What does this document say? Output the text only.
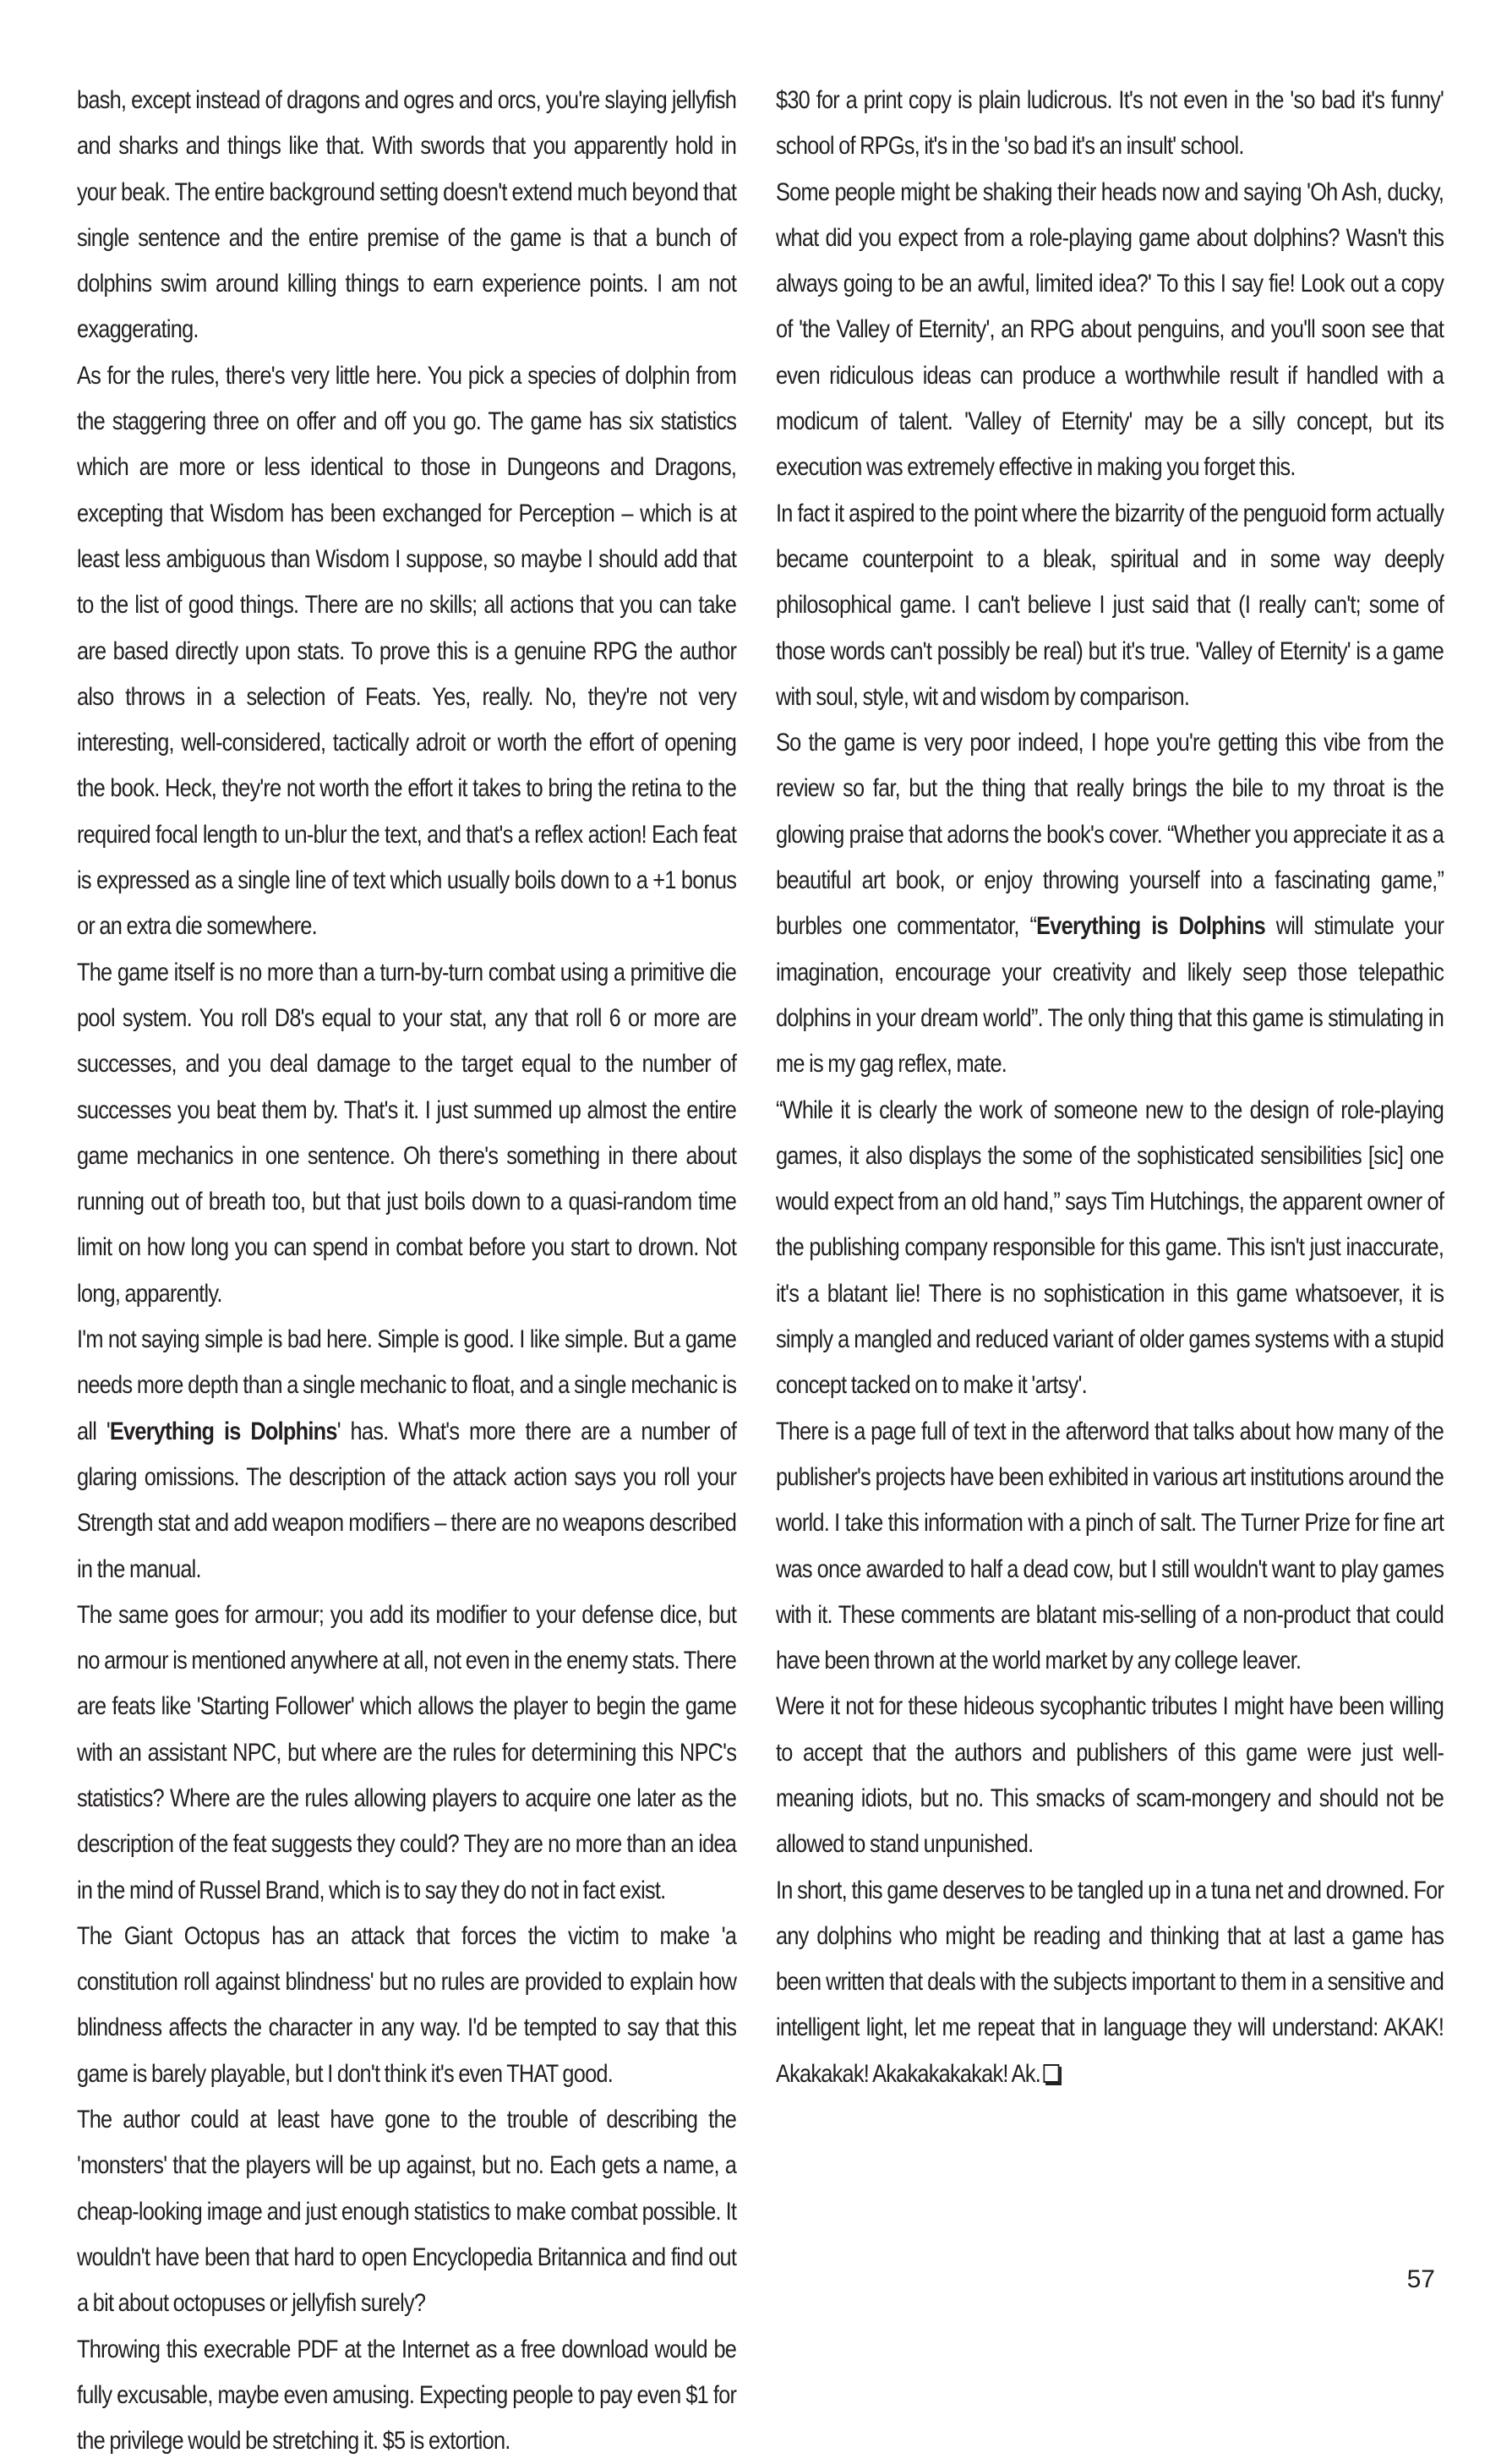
bash, except instead of dragons and ogres and orcs, you're slaying jellyfish and sharks and things like that. With swords that you apparently hold in your beak. The entire background setting doesn't extend much beyond that single sentence and the entire premise of the game is that a bunch of dolphins swim around killing things to earn experience points. I am not exaggerating.

As for the rules, there's very little here. You pick a species of dolphin from the staggering three on offer and off you go. The game has six statistics which are more or less identical to those in Dungeons and Dragons, excepting that Wisdom has been exchanged for Perception – which is at least less ambiguous than Wisdom I suppose, so maybe I should add that to the list of good things. There are no skills; all actions that you can take are based directly upon stats. To prove this is a genuine RPG the author also throws in a selection of Feats. Yes, really. No, they're not very interesting, well-considered, tactically adroit or worth the effort of opening the book. Heck, they're not worth the effort it takes to bring the retina to the required focal length to un-blur the text, and that's a reflex action! Each feat is expressed as a single line of text which usually boils down to a +1 bonus or an extra die somewhere.

The game itself is no more than a turn-by-turn combat using a primitive die pool system. You roll D8's equal to your stat, any that roll 6 or more are successes, and you deal damage to the target equal to the number of successes you beat them by. That's it. I just summed up almost the entire game mechanics in one sentence. Oh there's something in there about running out of breath too, but that just boils down to a quasi-random time limit on how long you can spend in combat before you start to drown. Not long, apparently.

I'm not saying simple is bad here. Simple is good. I like simple. But a game needs more depth than a single mechanic to float, and a single mechanic is all 'Everything is Dolphins' has. What's more there are a number of glaring omissions. The description of the attack action says you roll your Strength stat and add weapon modifiers – there are no weapons described in the manual.

The same goes for armour; you add its modifier to your defense dice, but no armour is mentioned anywhere at all, not even in the enemy stats. There are feats like 'Starting Follower' which allows the player to begin the game with an assistant NPC, but where are the rules for determining this NPC's statistics? Where are the rules allowing players to acquire one later as the description of the feat suggests they could? They are no more than an idea in the mind of Russel Brand, which is to say they do not in fact exist.

The Giant Octopus has an attack that forces the victim to make 'a constitution roll against blindness' but no rules are provided to explain how blindness affects the character in any way. I'd be tempted to say that this game is barely playable, but I don't think it's even THAT good.

The author could at least have gone to the trouble of describing the 'monsters' that the players will be up against, but no. Each gets a name, a cheap-looking image and just enough statistics to make combat possible. It wouldn't have been that hard to open Encyclopedia Britannica and find out a bit about octopuses or jellyfish surely?

Throwing this execrable PDF at the Internet as a free download would be fully excusable, maybe even amusing. Expecting people to pay even $1 for the privilege would be stretching it. $5 is extortion.

$30 for a print copy is plain ludicrous. It's not even in the 'so bad it's funny' school of RPGs, it's in the 'so bad it's an insult' school.

Some people might be shaking their heads now and saying 'Oh Ash, ducky, what did you expect from a role-playing game about dolphins? Wasn't this always going to be an awful, limited idea?' To this I say fie! Look out a copy of 'the Valley of Eternity', an RPG about penguins, and you'll soon see that even ridiculous ideas can produce a worthwhile result if handled with a modicum of talent. 'Valley of Eternity' may be a silly concept, but its execution was extremely effective in making you forget this.

In fact it aspired to the point where the bizarrity of the penguoid form actually became counterpoint to a bleak, spiritual and in some way deeply philosophical game. I can't believe I just said that (I really can't; some of those words can't possibly be real) but it's true. 'Valley of Eternity' is a game with soul, style, wit and wisdom by comparison.

So the game is very poor indeed, I hope you're getting this vibe from the review so far, but the thing that really brings the bile to my throat is the glowing praise that adorns the book's cover. “Whether you appreciate it as a beautiful art book, or enjoy throwing yourself into a fascinating game,” burbles one commentator, “Everything is Dolphins will stimulate your imagination, encourage your creativity and likely seep those telepathic dolphins in your dream world”. The only thing that this game is stimulating in me is my gag reflex, mate.

“While it is clearly the work of someone new to the design of role-playing games, it also displays the some of the sophisticated sensibilities [sic] one would expect from an old hand,” says Tim Hutchings, the apparent owner of the publishing company responsible for this game. This isn't just inaccurate, it's a blatant lie! There is no sophistication in this game whatsoever, it is simply a mangled and reduced variant of older games systems with a stupid concept tacked on to make it 'artsy'.

There is a page full of text in the afterword that talks about how many of the publisher's projects have been exhibited in various art institutions around the world. I take this information with a pinch of salt. The Turner Prize for fine art was once awarded to half a dead cow, but I still wouldn't want to play games with it. These comments are blatant mis-selling of a non-product that could have been thrown at the world market by any college leaver.

Were it not for these hideous sycophantic tributes I might have been willing to accept that the authors and publishers of this game were just well-meaning idiots, but no. This smacks of scam-mongery and should not be allowed to stand unpunished.

In short, this game deserves to be tangled up in a tuna net and drowned. For any dolphins who might be reading and thinking that at last a game has been written that deals with the subjects important to them in a sensitive and intelligent light, let me repeat that in language they will understand: AKAK! Akakakak! Akakakakakak! Ak.

57
